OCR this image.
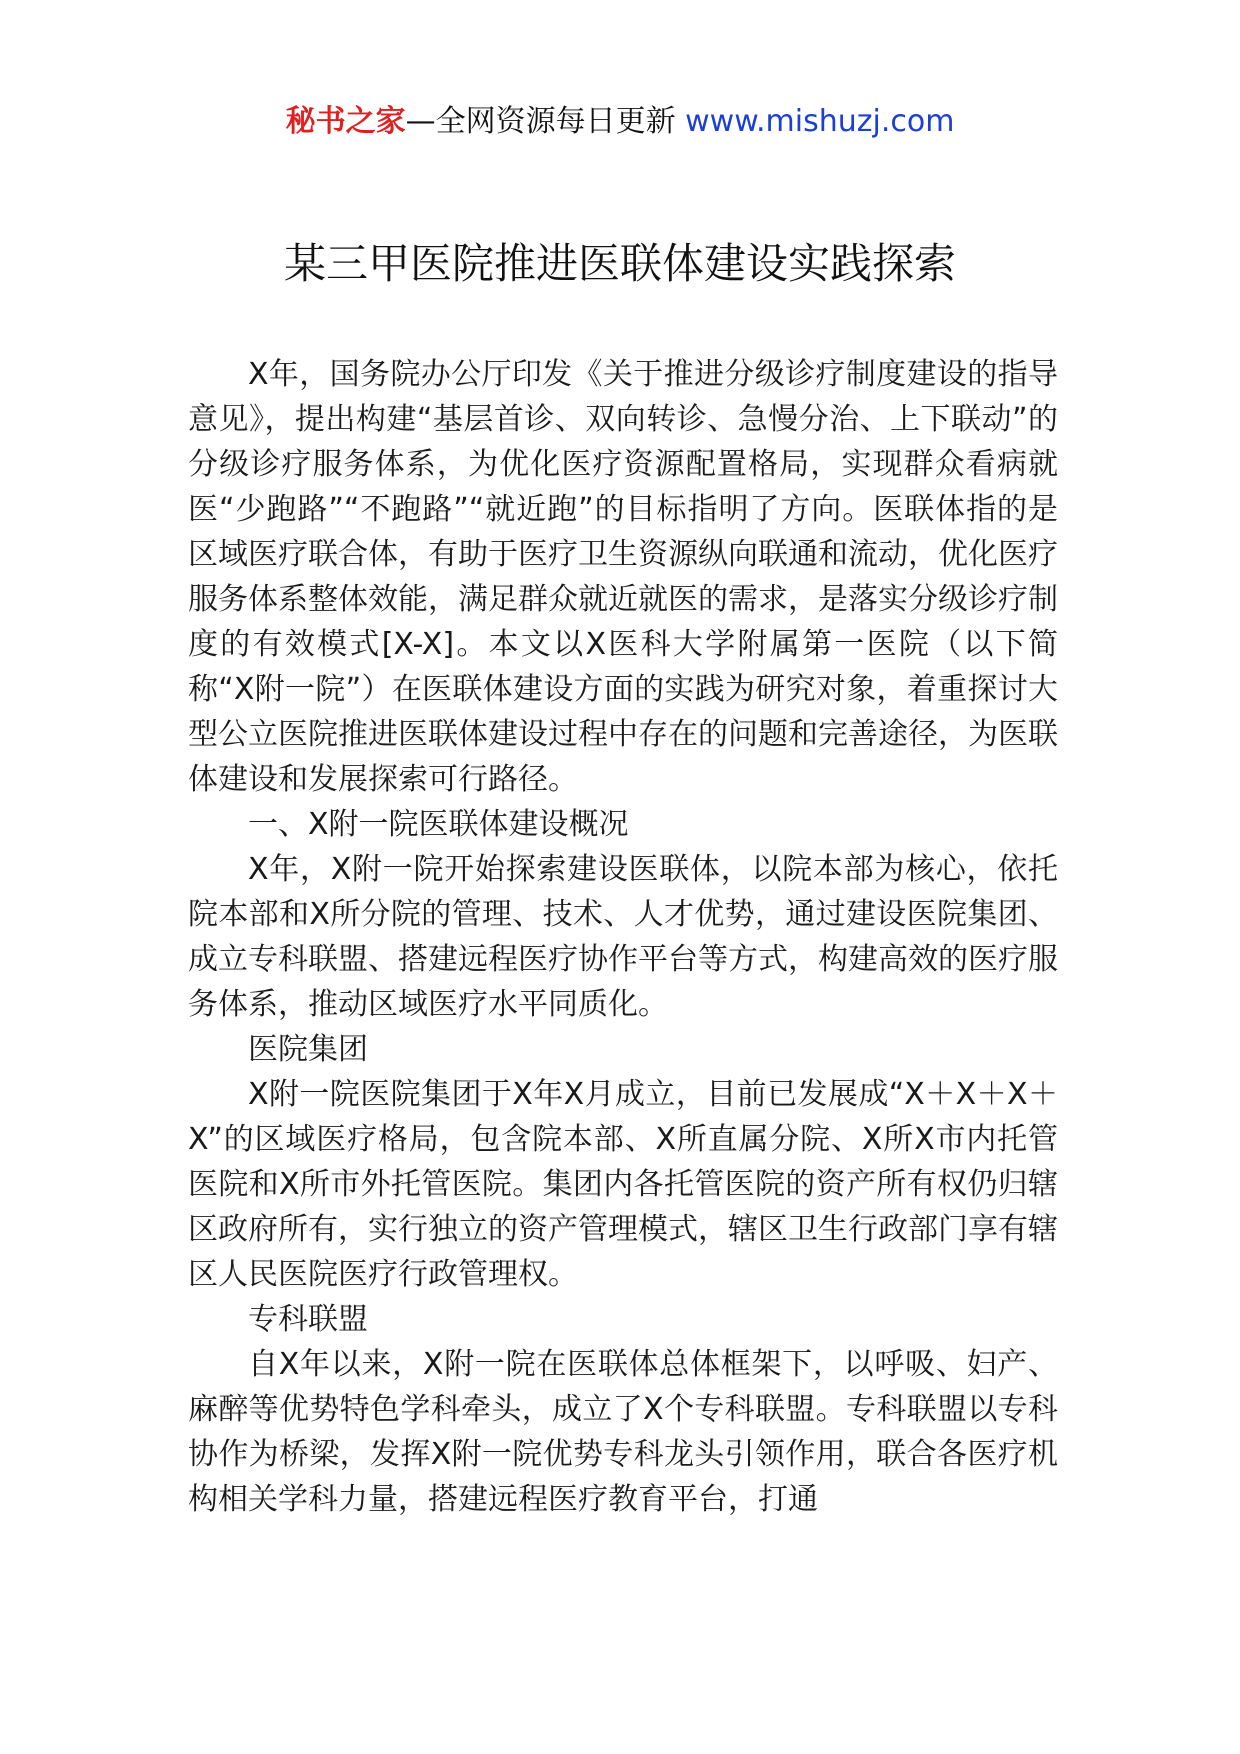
秘书之家—全网资源每日更新 www.mishuzj.com
某三甲医院推进医联体建设实践探索

X年，国务院办公厅印发《关于推进分级诊疗制度建设的指导意见》，提出构建“基层首诊、双向转诊、急慢分治、上下联动”的分级诊疗服务体系，为优化医疗资源配置格局，实现群众看病就医“少跑路”“不跑路”“就近跑”的目标指明了方向。医联体指的是区域医疗联合体，有助于医疗卫生资源纵向联通和流动，优化医疗服务体系整体效能，满足群众就近就医的需求，是落实分级诊疗制度的有效模式[X-X]。本文以X医科大学附属第一医院（以下简称“X附一院”）在医联体建设方面的实践为研究对象，着重探讨大型公立医院推进医联体建设过程中存在的问题和完善途径，为医联体建设和发展探索可行路径。

一、X附一院医联体建设概况

X年，X附一院开始探索建设医联体，以院本部为核心，依托院本部和X所分院的管理、技术、人才优势，通过建设医院集团、成立专科联盟、搭建远程医疗协作平台等方式，构建高效的医疗服务体系，推动区域医疗水平同质化。

医院集团

X附一院医院集团于X年X月成立，目前已发展成“X＋X＋X＋X”的区域医疗格局，包含院本部、X所直属分院、X所X市内托管医院和X所市外托管医院。集团内各托管医院的资产所有权仍归辖区政府所有，实行独立的资产管理模式，辖区卫生行政部门享有辖区人民医院医疗行政管理权。

专科联盟

自X年以来，X附一院在医联体总体框架下，以呼吸、妇产、麻醉等优势特色学科牵头，成立了X个专科联盟。专科联盟以专科协作为桥梁，发挥X附一院优势专科龙头引领作用，联合各医疗机构相关学科力量，搭建远程医疗教育平台，打通
